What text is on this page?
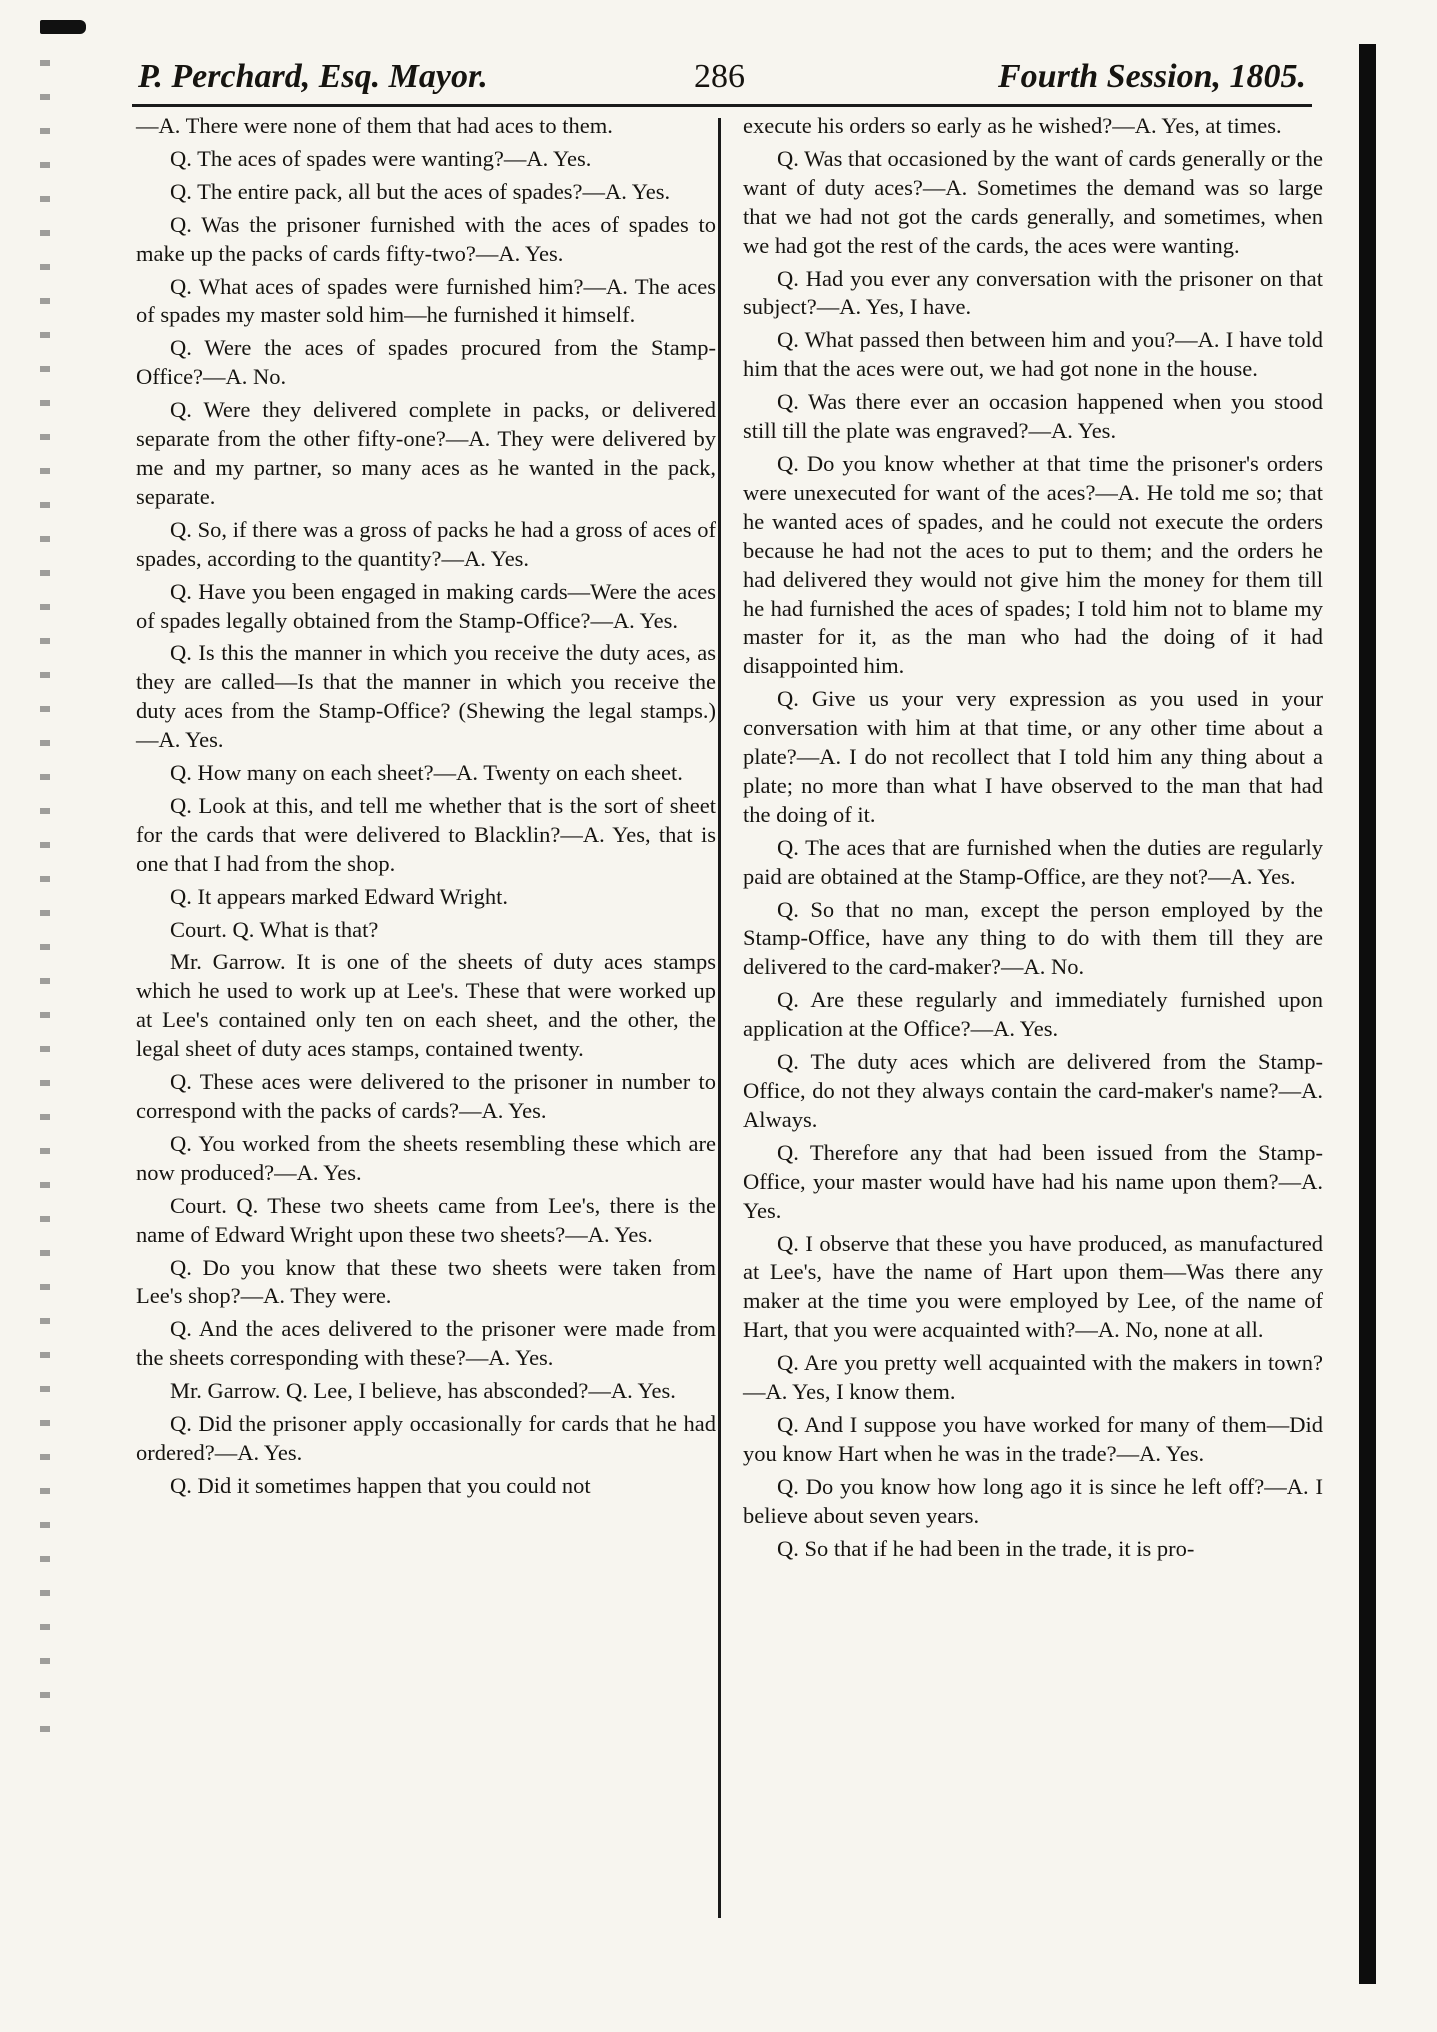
P. Perchard, Esq. Mayor.	286	Fourth Session, 1805.

—A. There were none of them that had aces to them.

Q. The aces of spades were wanting?—A. Yes.

Q. The entire pack, all but the aces of spades?—A. Yes.

Q. Was the prisoner furnished with the aces of spades to make up the packs of cards fifty-two?—A. Yes.

Q. What aces of spades were furnished him?—A. The aces of spades my master sold him—he furnished it himself.

Q. Were the aces of spades procured from the Stamp-Office?—A. No.

Q. Were they delivered complete in packs, or delivered separate from the other fifty-one?—A. They were delivered by me and my partner, so many aces as he wanted in the pack, separate.

Q. So, if there was a gross of packs he had a gross of aces of spades, according to the quantity?—A. Yes.

Q. Have you been engaged in making cards—Were the aces of spades legally obtained from the Stamp-Office?—A. Yes.

Q. Is this the manner in which you receive the duty aces, as they are called—Is that the manner in which you receive the duty aces from the Stamp-Office? (Shewing the legal stamps.)—A. Yes.

Q. How many on each sheet?—A. Twenty on each sheet.

Q. Look at this, and tell me whether that is the sort of sheet for the cards that were delivered to Blacklin?—A. Yes, that is one that I had from the shop.

Q. It appears marked Edward Wright.

Court. Q. What is that?

Mr. Garrow. It is one of the sheets of duty aces stamps which he used to work up at Lee's. These that were worked up at Lee's contained only ten on each sheet, and the other, the legal sheet of duty aces stamps, contained twenty.

Q. These aces were delivered to the prisoner in number to correspond with the packs of cards?—A. Yes.

Q. You worked from the sheets resembling these which are now produced?—A. Yes.

Court. Q. These two sheets came from Lee's, there is the name of Edward Wright upon these two sheets?—A. Yes.

Q. Do you know that these two sheets were taken from Lee's shop?—A. They were.

Q. And the aces delivered to the prisoner were made from the sheets corresponding with these?—A. Yes.

Mr. Garrow. Q. Lee, I believe, has absconded?—A. Yes.

Q. Did the prisoner apply occasionally for cards that he had ordered?—A. Yes.

Q. Did it sometimes happen that you could not

execute his orders so early as he wished?—A. Yes, at times.

Q. Was that occasioned by the want of cards generally or the want of duty aces?—A. Sometimes the demand was so large that we had not got the cards generally, and sometimes, when we had got the rest of the cards, the aces were wanting.

Q. Had you ever any conversation with the prisoner on that subject?—A. Yes, I have.

Q. What passed then between him and you?—A. I have told him that the aces were out, we had got none in the house.

Q. Was there ever an occasion happened when you stood still till the plate was engraved?—A. Yes.

Q. Do you know whether at that time the prisoner's orders were unexecuted for want of the aces?—A. He told me so; that he wanted aces of spades, and he could not execute the orders because he had not the aces to put to them; and the orders he had delivered they would not give him the money for them till he had furnished the aces of spades; I told him not to blame my master for it, as the man who had the doing of it had disappointed him.

Q. Give us your very expression as you used in your conversation with him at that time, or any other time about a plate?—A. I do not recollect that I told him any thing about a plate; no more than what I have observed to the man that had the doing of it.

Q. The aces that are furnished when the duties are regularly paid are obtained at the Stamp-Office, are they not?—A. Yes.

Q. So that no man, except the person employed by the Stamp-Office, have any thing to do with them till they are delivered to the card-maker?—A. No.

Q. Are these regularly and immediately furnished upon application at the Office?—A. Yes.

Q. The duty aces which are delivered from the Stamp-Office, do not they always contain the card-maker's name?—A. Always.

Q. Therefore any that had been issued from the Stamp-Office, your master would have had his name upon them?—A. Yes.

Q. I observe that these you have produced, as manufactured at Lee's, have the name of Hart upon them—Was there any maker at the time you were employed by Lee, of the name of Hart, that you were acquainted with?—A. No, none at all.

Q. Are you pretty well acquainted with the makers in town?—A. Yes, I know them.

Q. And I suppose you have worked for many of them—Did you know Hart when he was in the trade?—A. Yes.

Q. Do you know how long ago it is since he left off?—A. I believe about seven years.

Q. So that if he had been in the trade, it is pro-
